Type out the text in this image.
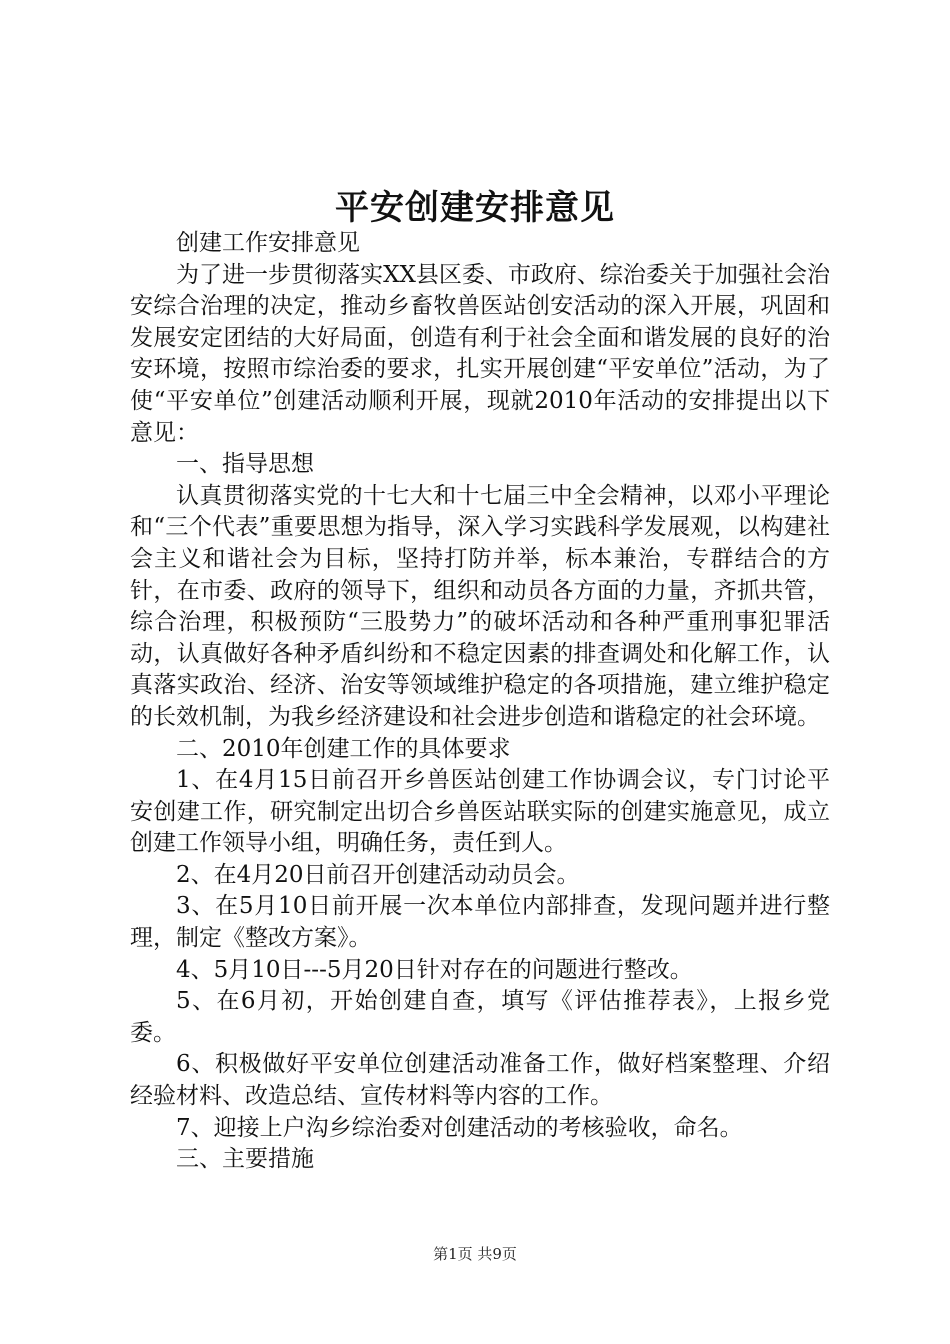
平安创建安排意见

创建工作安排意见

为了进一步贯彻落实XX县区委、市政府、综治委关于加强社会治安综合治理的决定，推动乡畜牧兽医站创安活动的深入开展，巩固和发展安定团结的大好局面，创造有利于社会全面和谐发展的良好的治安环境，按照市综治委的要求，扎实开展创建“平安单位”活动，为了使“平安单位”创建活动顺利开展，现就2010年活动的安排提出以下意见：

一、指导思想

认真贯彻落实党的十七大和十七届三中全会精神，以邓小平理论和“三个代表”重要思想为指导，深入学习实践科学发展观，以构建社会主义和谐社会为目标，坚持打防并举，标本兼治，专群结合的方针，在市委、政府的领导下，组织和动员各方面的力量，齐抓共管，综合治理，积极预防“三股势力”的破坏活动和各种严重刑事犯罪活动，认真做好各种矛盾纠纷和不稳定因素的排查调处和化解工作，认真落实政治、经济、治安等领域维护稳定的各项措施，建立维护稳定的长效机制，为我乡经济建设和社会进步创造和谐稳定的社会环境。

二、2010年创建工作的具体要求

1、在4月15日前召开乡兽医站创建工作协调会议，专门讨论平安创建工作，研究制定出切合乡兽医站联实际的创建实施意见，成立创建工作领导小组，明确任务，责任到人。

2、在4月20日前召开创建活动动员会。

3、在5月10日前开展一次本单位内部排查，发现问题并进行整理，制定《整改方案》。

4、5月10日---5月20日针对存在的问题进行整改。

5、在6月初，开始创建自查，填写《评估推荐表》，上报乡党委。

6、积极做好平安单位创建活动准备工作，做好档案整理、介绍经验材料、改造总结、宣传材料等内容的工作。

7、迎接上户沟乡综治委对创建活动的考核验收，命名。

三、主要措施

第1页 共9页
